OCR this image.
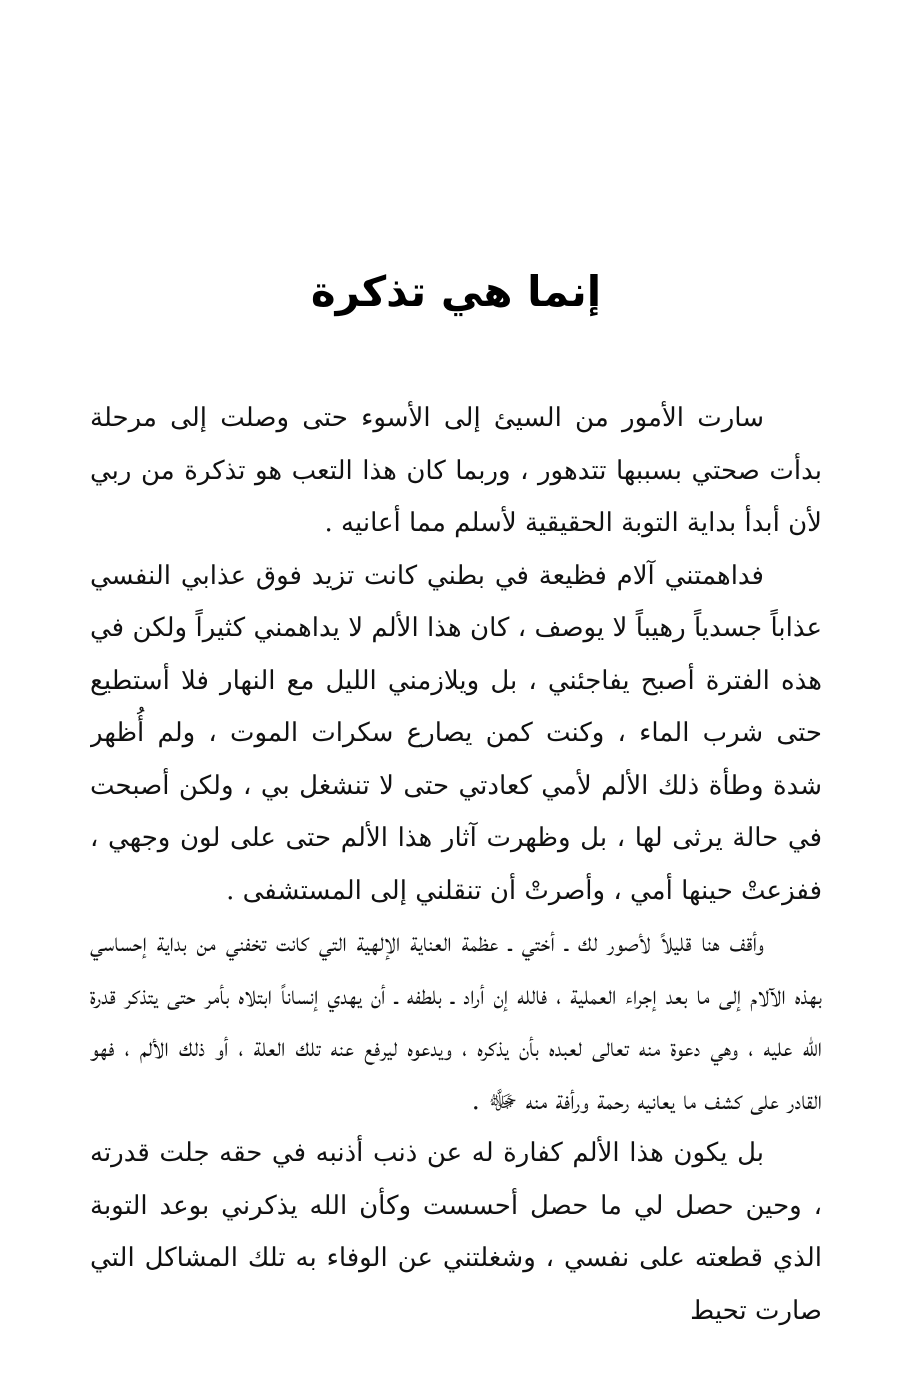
إنما هي تذكرة

سارت الأمور من السيئ إلى الأسوء حتى وصلت إلى مرحلة بدأت صحتي بسببها تتدهور ، وربما كان هذا التعب هو تذكرة من ربي لأن أبدأ بداية التوبة الحقيقية لأسلم مما أعانيه .

فداهمتني آلام فظيعة في بطني كانت تزيد فوق عذابي النفسي عذاباً جسدياً رهيباً لا يوصف ، كان هذا الألم لا يداهمني كثيراً ولكن في هذه الفترة أصبح يفاجئني ، بل ويلازمني الليل مع النهار فلا أستطيع حتى شرب الماء ، وكنت كمن يصارع سكرات الموت ، ولم أُظهر شدة وطأة ذلك الألم لأمي كعادتي حتى لا تنشغل بي ، ولكن أصبحت في حالة يرثى لها ، بل وظهرت آثار هذا الألم حتى على لون وجهي ، ففزعتْ حينها أمي ، وأصرتْ أن تنقلني إلى المستشفى .

وأقف هنا قليلاً لأصور لك ـ أختي ـ عظمة العناية الإلهية التي كانت تخفني من بداية إحساسي بهذه الآلام إلى ما بعد إجراء العملية ، فالله إن أراد ـ بلطفه ـ أن يهدي إنساناً ابتلاه بأمر حتى يتذكر قدرة الله عليه ، وهي دعوة منه تعالى لعبده بأن يذكره ، ويدعوه ليرفع عنه تلك العلة ، أو ذلك الألم ، فهو القادر على كشف ما يعانيه رحمة ورأفة منه ﷻ .

بل يكون هذا الألم كفارة له عن ذنب أذنبه في حقه جلت قدرته ، وحين حصل لي ما حصل أحسست وكأن الله يذكرني بوعد التوبة الذي قطعته على نفسي ، وشغلتني عن الوفاء به تلك المشاكل التي صارت تحيط
